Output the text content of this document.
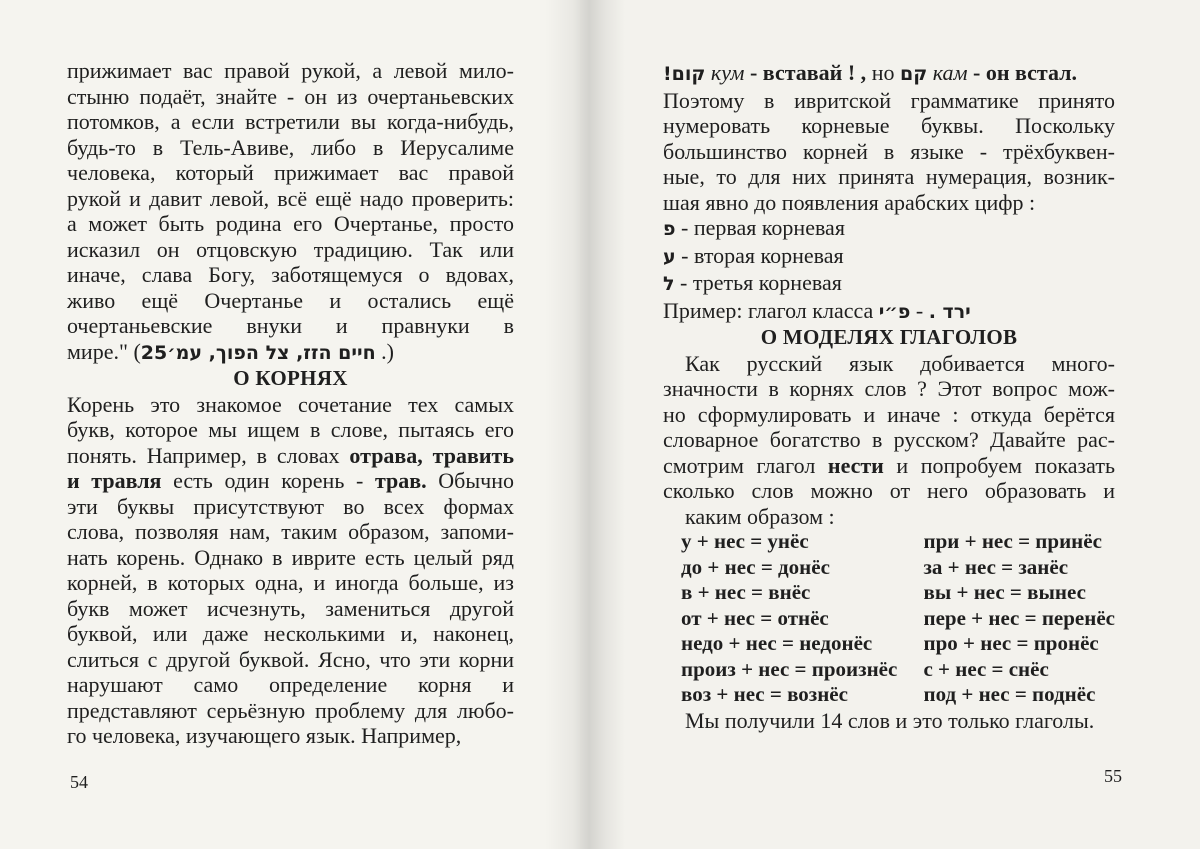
прижимает вас правой рукой, а левой мило-
стыню подаёт, знайте - он из очертаньевских
потомков, а если встретили вы когда-нибудь,
будь-то в Тель-Авиве, либо в Иерусалиме
человека, который прижимает вас правой
рукой и давит левой, всё ещё надо проверить:
а может быть родина его Очертанье, просто
исказил он отцовскую традицию. Так или
иначе, слава Богу, заботящемуся о вдовах,
живо ещё Очертанье и остались ещё
очертаньевские внуки и правнуки в
мире." (חיים הזז, צל הפוך, עמ׳25 .)
О КОРНЯХ
Корень это знакомое сочетание тех самых
букв, которое мы ищем в слове, пытаясь его
понять. Например, в словах отрава, травить
и травля есть один корень - трав. Обычно
эти буквы присутствуют во всех формах
слова, позволяя нам, таким образом, запоми-
нать корень. Однако в иврите есть целый ряд
корней, в которых одна, и иногда больше, из
букв может исчезнуть, замениться другой
буквой, или даже несколькими и, наконец,
слиться с другой буквой. Ясно, что эти корни
нарушают само определение корня и
представляют серьёзную проблему для любо-
го человека, изучающего язык. Например,
54
קום! кум - вставай ! , но קם кам - он встал.
Поэтому в ивритской грамматике принято
нумеровать корневые буквы. Поскольку
большинство корней в языке - трёхбуквен-
ные, то для них принята нумерация, возник-
шая явно до появления арабских цифр :
פ - первая корневая
ע - вторая корневая
ל - третья корневая
Пример: глагол класса פ״י - ירד .
О МОДЕЛЯХ ГЛАГОЛОВ
Как русский язык добивается много-
значности в корнях слов ? Этот вопрос мож-
но сформулировать и иначе : откуда берётся
словарное богатство в русском? Давайте рас-
смотрим глагол нести и попробуем показать
сколько слов можно от него образовать и
каким образом :
у + нес = унёс	при + нес = принёс
до + нес = донёс	за + нес = занёс
в + нес = внёс	вы + нес = вынес
от + нес = отнёс	пере + нес = перенёс
недо + нес = недонёс	про + нес = пронёс
произ + нес = произнёс	с + нес = снёс
воз + нес = вознёс	под + нес = поднёс
Мы получили 14 слов и это только глаголы.
55
